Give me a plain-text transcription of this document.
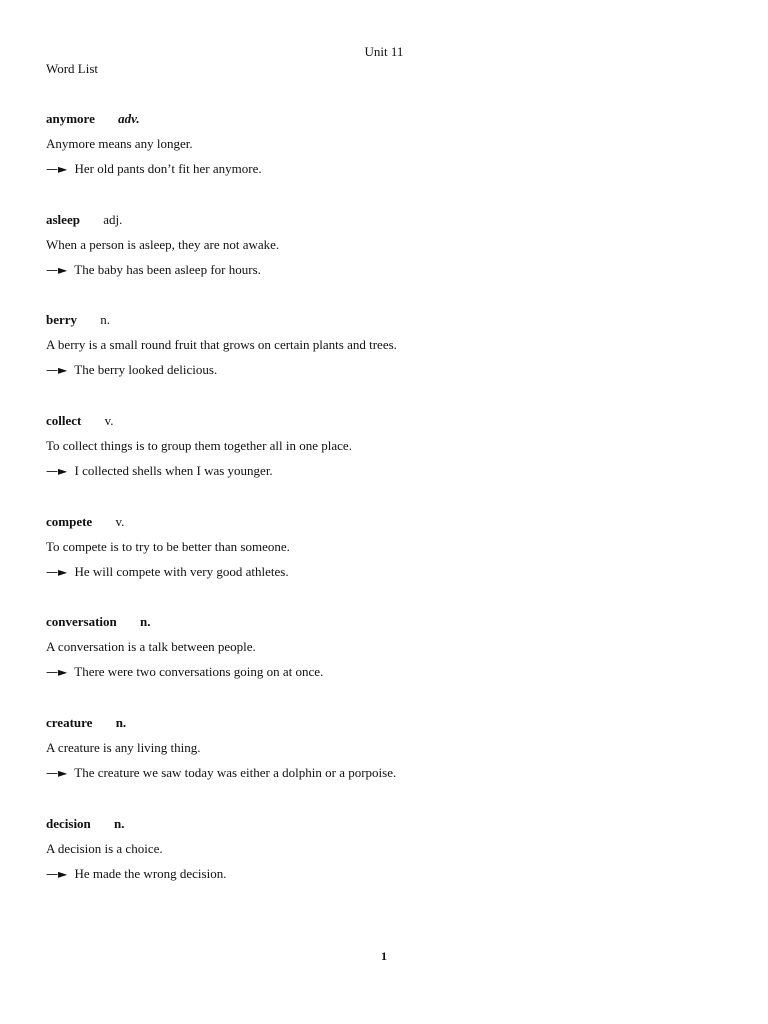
Unit 11
Word List
anymore adv.
Anymore means any longer.
—► Her old pants don’t fit her anymore.
asleep adj.
When a person is asleep, they are not awake.
—► The baby has been asleep for hours.
berry n.
A berry is a small round fruit that grows on certain plants and trees.
—► The berry looked delicious.
collect v.
To collect things is to group them together all in one place.
—► I collected shells when I was younger.
compete v.
To compete is to try to be better than someone.
—► He will compete with very good athletes.
conversation n.
A conversation is a talk between people.
—► There were two conversations going on at once.
creature n.
A creature is any living thing.
—► The creature we saw today was either a dolphin or a porpoise.
decision n.
A decision is a choice.
—► He made the wrong decision.
1
